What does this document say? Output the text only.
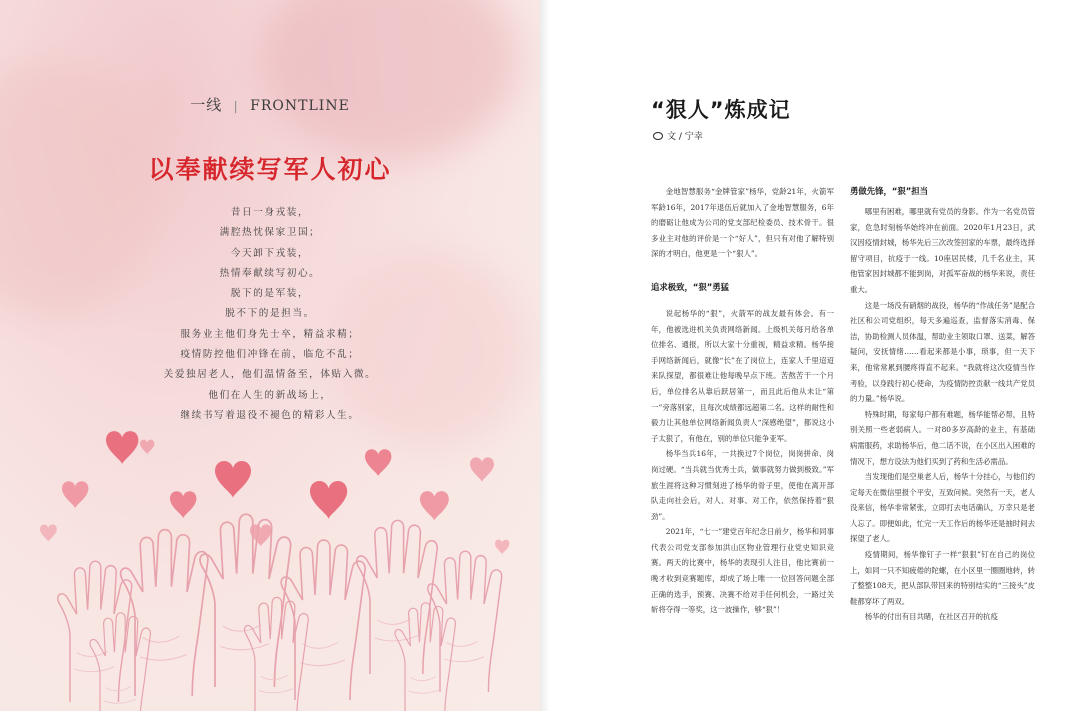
一线 | FRONTLINE
以奉献续写军人初心
昔日一身戎装，
满腔热忱保家卫国；
今天卸下戎装，
热情奉献续写初心。
脱下的是军装，
脱不下的是担当。
服务业主他们身先士卒，精益求精；
疫情防控他们冲锋在前，临危不乱；
关爱独居老人，他们温情备至，体贴入微。
他们在人生的新战场上，
继续书写着退役不褪色的精彩人生。
“狠人”炼成记
文 / 宁幸

金地智慧服务“金牌管家”杨华，党龄21年，火箭军军龄16年，2017年退伍后就加入了金地智慧服务，6年的磨砺让他成为公司的党支部纪检委员、技术骨干。很多业主对他的评价是一个“好人”，但只有对他了解特别深的才明白，他更是一个“狠人”。

追求极致，“狠”勇猛

说起杨华的“狠”，火箭军的战友最有体会。有一年，他被选进机关负责网络新闻。上级机关每月给各单位排名、通报，所以大家十分重视，精益求精。杨华接手网络新闻后，就像“长”在了岗位上，连家人千里迢迢来队探望，都很难让他每晚早点下班。苦熬苦干一个月后，单位排名从靠后跃居第一，而且此后他从未让“第一”旁落别家，且每次成绩都远超第二名。这样的耐性和毅力让其他单位网络新闻负责人“深感绝望”，都说这小子太狠了，有他在，别的单位只能争亚军。

杨华当兵16年，一共换过7个岗位，岗岗拼命、岗岗过硬。“当兵就当优秀士兵，做事就努力做到极致。”军旅生涯将这种习惯刻进了杨华的骨子里，使他在离开部队走向社会后，对人、对事、对工作，依然保持着“狠劲”。

2021年，“七一”建党百年纪念日前夕，杨华和同事代表公司党支部参加洪山区物业管理行业党史知识竞赛。两天的比赛中，杨华的表现引人注目，他比赛前一晚才收到竞赛题库，却成了场上唯一一位回答问题全部正确的选手，预赛、决赛不给对手任何机会，一路过关斩将夺得一等奖，这一波操作，够“狠”！

勇做先锋，“狠”担当

哪里有困难，哪里就有党员的身影。作为一名党员管家，危急时刻杨华始终冲在前面。2020年1月23日，武汉因疫情封城，杨华先后三次改签回家的车票，最终选择留守项目，抗疫于一线。10座居民楼，几千名业主，其他管家因封城都不能到岗，对孤军奋战的杨华来说，责任重大。

这是一场没有硝烟的战役，杨华的“作战任务”是配合社区和公司党组织，每天多遍巡查，监督落实消毒、保洁，协助检测人员体温，帮助业主领取口罩、送菜，解答疑问，安抚情绪……看起来都是小事，琐事，但一天下来，他常常累到腰疼得直不起来。“我就将这次疫情当作考验，以身践行初心使命，为疫情防控贡献一线共产党员的力量。”杨华说。

特殊时期，每家每户都有难题，杨华能帮必帮，且特别关照一些老弱病人。一对80多岁高龄的业主，有基础病需服药，求助杨华后，他二话不说，在小区出入困难的情况下，想方设法为他们买到了药和生活必需品。

当发现他们是空巢老人后，杨华十分挂心，与他们约定每天在微信里报个平安，互致问候。突然有一天，老人没来信，杨华非常紧张，立即打去电话确认，万幸只是老人忘了。即便如此，忙完一天工作后的杨华还是抽时间去探望了老人。

疫情期间，杨华像钉子一样“狠狠”钉在自己的岗位上，如同一只不知疲倦的陀螺，在小区里一圈圈地转，转了整整108天，把从部队带回来的特别结实的“三接头”皮鞋都穿坏了两双。

杨华的付出有目共睹，在社区召开的抗疫
